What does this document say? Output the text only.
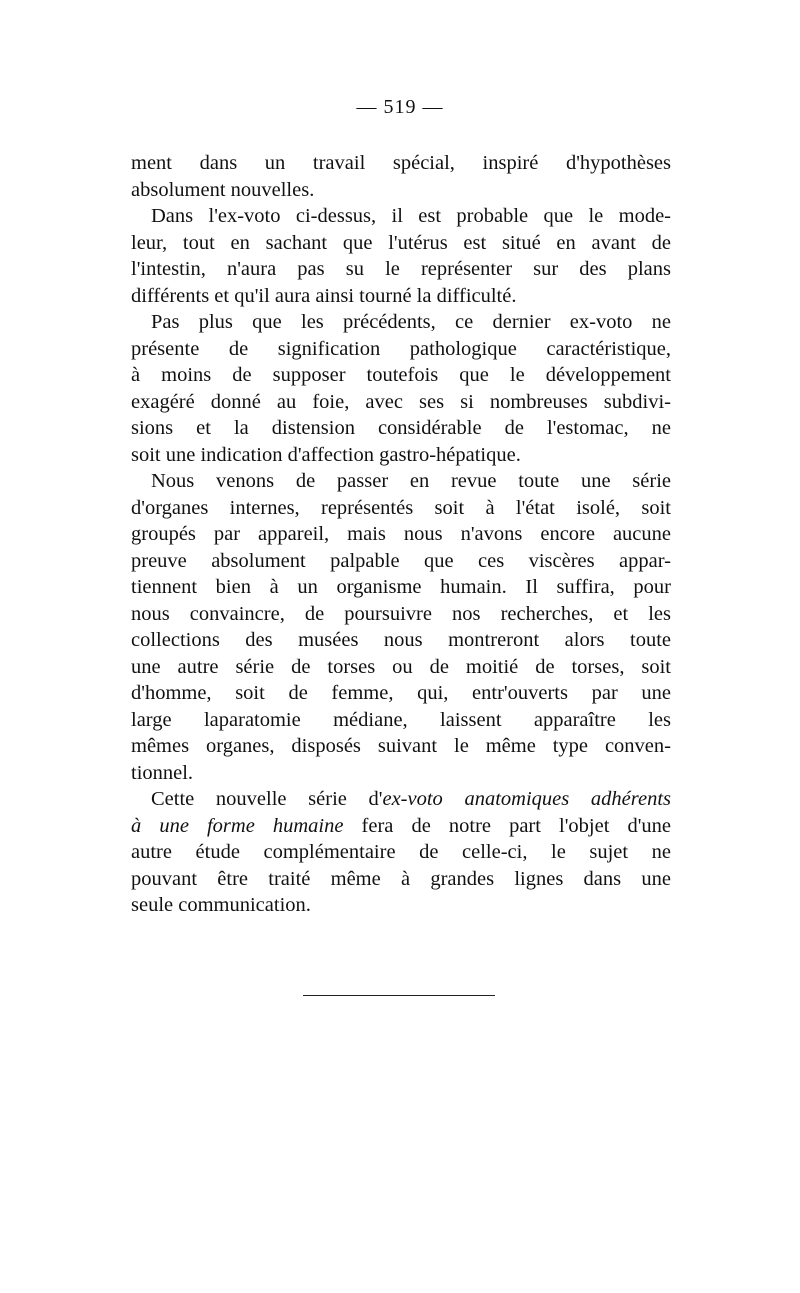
— 519 —
ment dans un travail spécial, inspiré d'hypothèses
absolument nouvelles.
Dans l'ex-voto ci-dessus, il est probable que le mode-
leur, tout en sachant que l'utérus est situé en avant de
l'intestin, n'aura pas su le représenter sur des plans
différents et qu'il aura ainsi tourné la difficulté.
Pas plus que les précédents, ce dernier ex-voto ne
présente de signification pathologique caractéristique,
à moins de supposer toutefois que le développement
exagéré donné au foie, avec ses si nombreuses subdivi-
sions et la distension considérable de l'estomac, ne
soit une indication d'affection gastro-hépatique.
Nous venons de passer en revue toute une série
d'organes internes, représentés soit à l'état isolé, soit
groupés par appareil, mais nous n'avons encore aucune
preuve absolument palpable que ces viscères appar-
tiennent bien à un organisme humain. Il suffira, pour
nous convaincre, de poursuivre nos recherches, et les
collections des musées nous montreront alors toute
une autre série de torses ou de moitié de torses, soit
d'homme, soit de femme, qui, entr'ouverts par une
large laparatomie médiane, laissent apparaître les
mêmes organes, disposés suivant le même type conven-
tionnel.
Cette nouvelle série d'ex-voto anatomiques adhérents
à une forme humaine fera de notre part l'objet d'une
autre étude complémentaire de celle-ci, le sujet ne
pouvant être traité même à grandes lignes dans une
seule communication.
